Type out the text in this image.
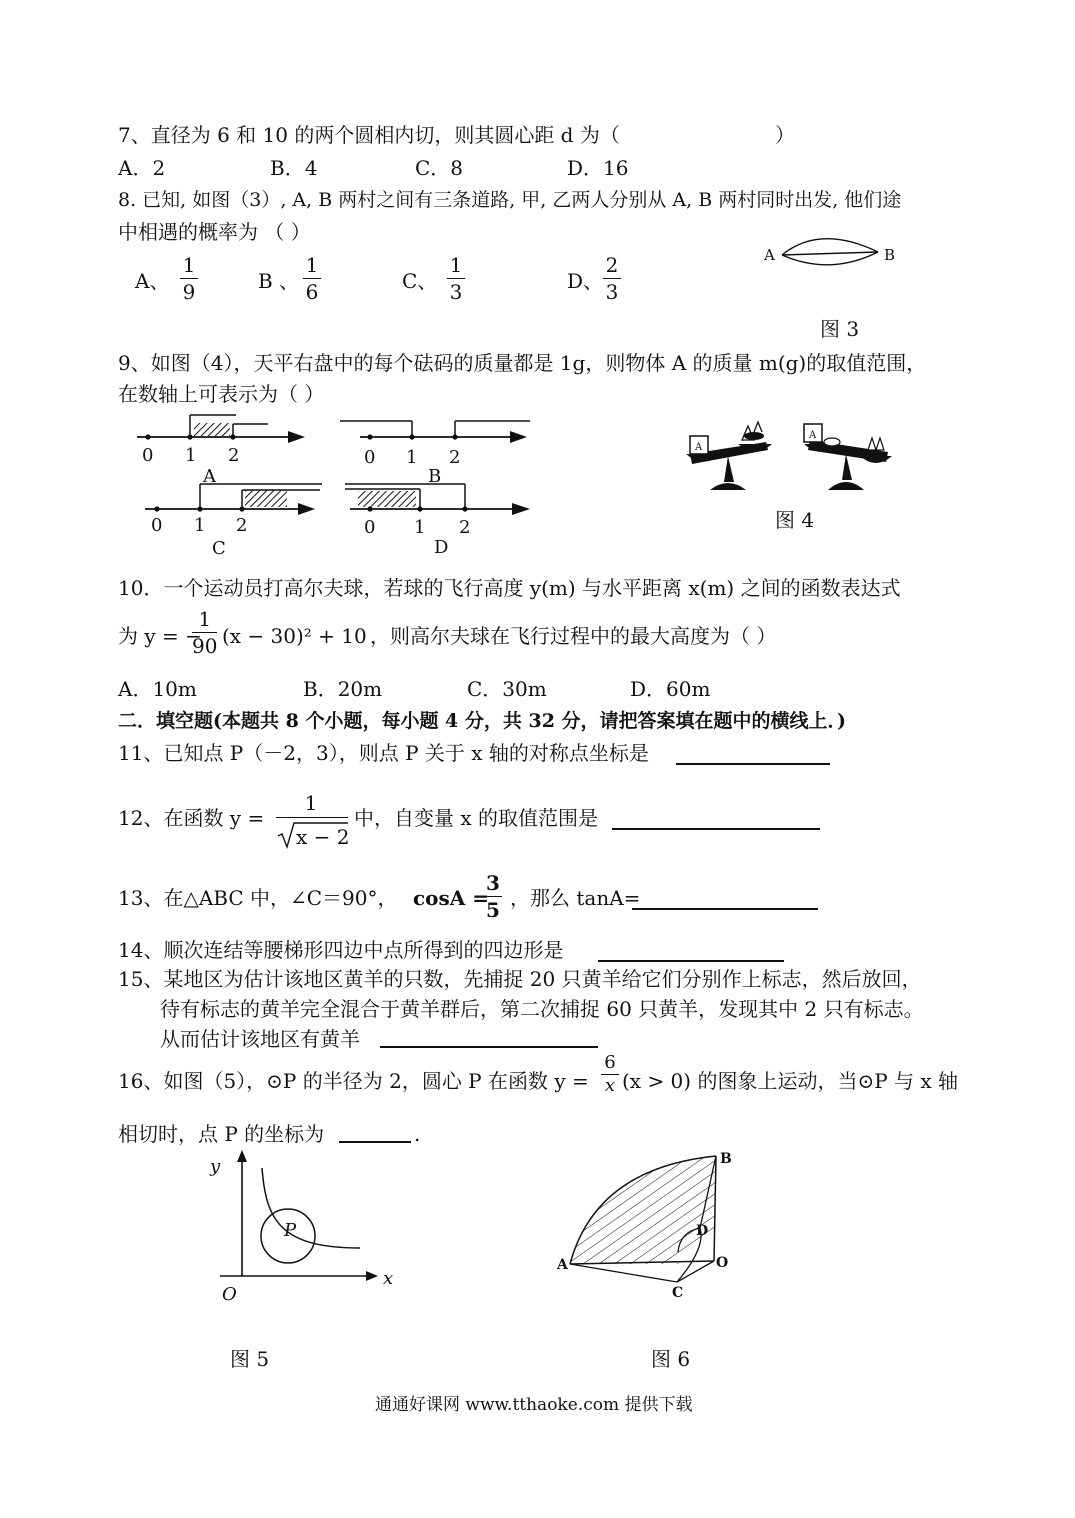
7、直径为 6 和 10 的两个圆相内切，则其圆心距 d 为（	）
A．2	B．4	C．8	D．16
8. 已知, 如图（3）, A, B 两村之间有三条道路, 甲, 乙两人分别从 A, B 两村同时出发, 他们途
中相遇的概率为 （ ）
A、
1
9	B 、
1
6	C、
1
3	D、
2
3
A	B
图 3
9、如图（4），天平右盘中的每个砝码的质量都是 1g，则物体 A 的质量 m(g)的取值范围，
在数轴上可表示为（ ）
0 1 2
A
0 1 2
B
0 1 2
C
0 1 2
D
A
A
图 4
10．一个运动员打高尔夫球，若球的飞行高度 y(m) 与水平距离 x(m) 之间的函数表达式
为 y = −
1
90 (x − 30)² + 10 ，则高尔夫球在飞行过程中的最大高度为（ ）
A．10m	B．20m	C．30m	D．60m
二．填空题(本题共 8 个小题，每小题 4 分，共 32 分，请把答案填在题中的横线上．)
11、已知点 P（－2，3），则点 P 关于 x 轴的对称点坐标是
12、在函数 y =
1
x − 2
中，自变量 x 的取值范围是
13、在△ABC 中，∠C＝90°， cosA =
3
5 ，那么 tanA=
14、顺次连结等腰梯形四边中点所得到的四边形是
15、某地区为估计该地区黄羊的只数，先捕捉 20 只黄羊给它们分别作上标志，然后放回，
待有标志的黄羊完全混合于黄羊群后，第二次捕捉 60 只黄羊，发现其中 2 只有标志。
从而估计该地区有黄羊
16、如图（5），⊙P 的半径为 2，圆心 P 在函数 y =
6
x (x > 0) 的图象上运动，当⊙P 与 x 轴
相切时，点 P 的坐标为	.
y
x
O
P
图 5
B
D
O
A
C
图 6
通通好课网 www.tthaoke.com 提供下载
